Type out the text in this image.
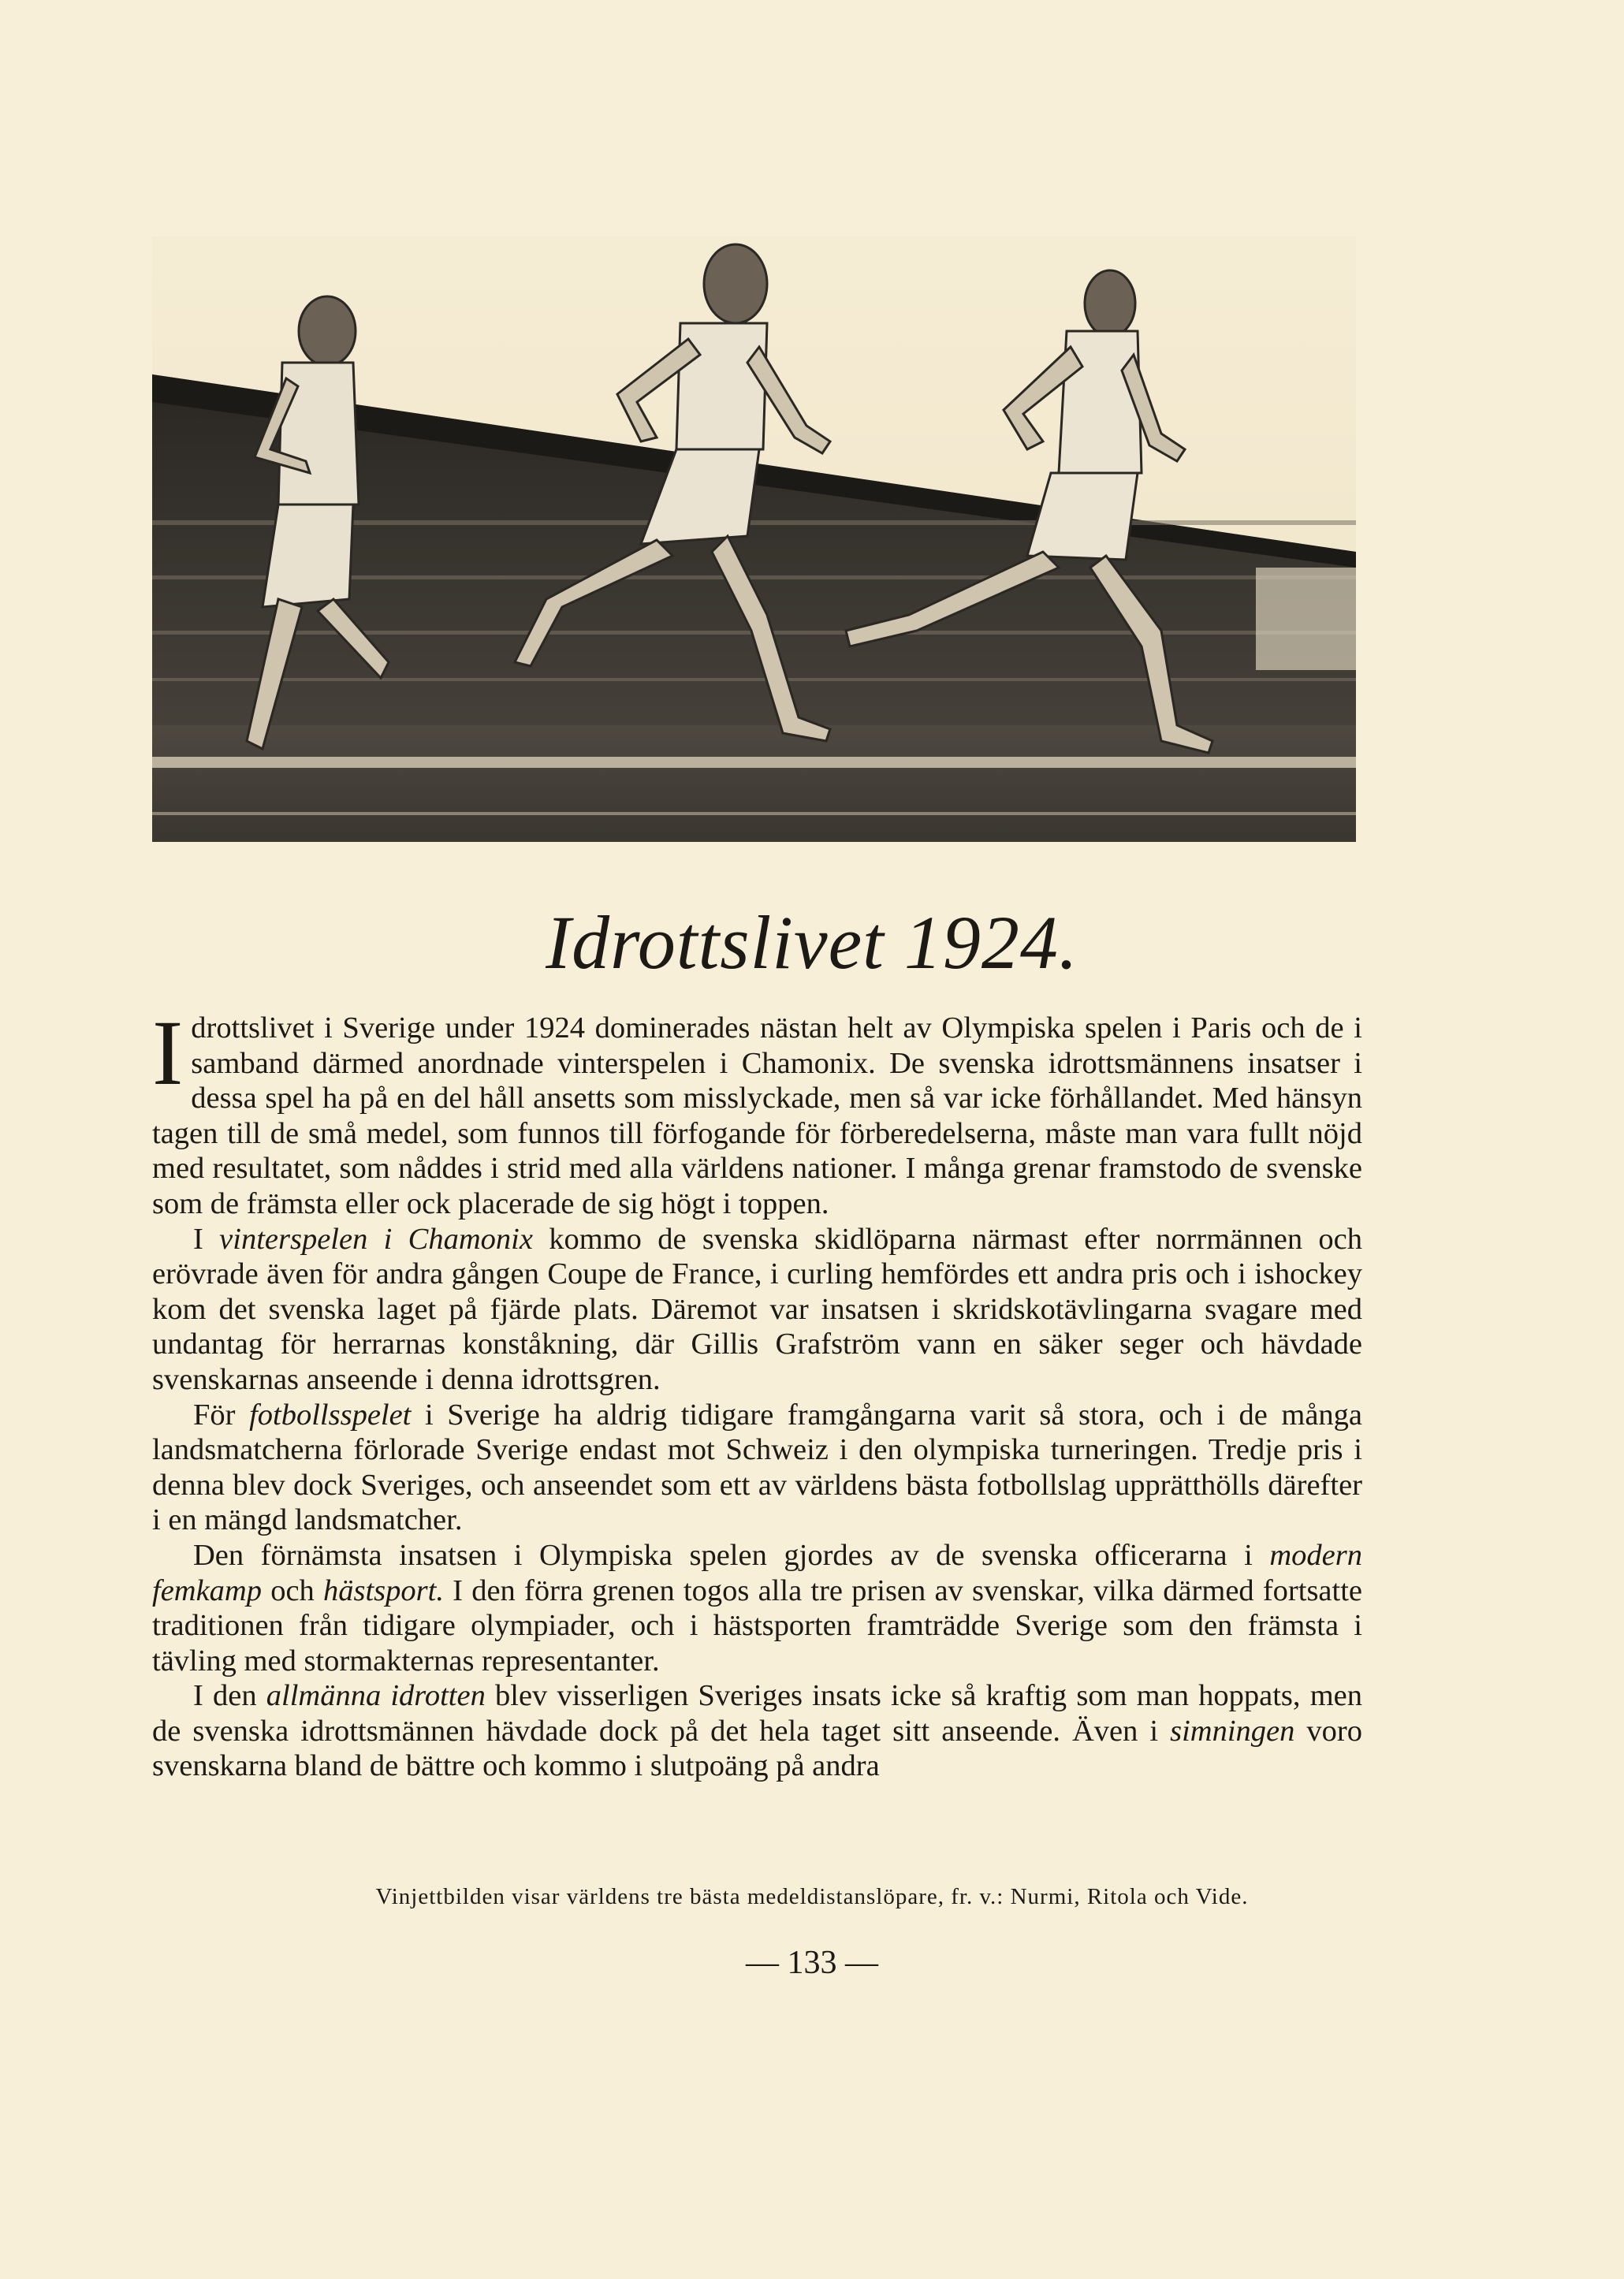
Idrottslivet 1924.

Idrottslivet i Sverige under 1924 dominerades nästan helt av Olympiska spelen i Paris och de i samband därmed anordnade vinterspelen i Chamonix. De svenska idrottsmännens insatser i dessa spel ha på en del håll ansetts som misslyckade, men så var icke förhållandet. Med hänsyn tagen till de små medel, som funnos till förfogande för förberedelserna, måste man vara fullt nöjd med resultatet, som nåddes i strid med alla världens nationer. I många grenar framstodo de svenske som de främsta eller ock placerade de sig högt i toppen.

I vinterspelen i Chamonix kommo de svenska skidlöparna närmast efter norrmännen och erövrade även för andra gången Coupe de France, i curling hemfördes ett andra pris och i ishockey kom det svenska laget på fjärde plats. Däremot var insatsen i skridskotävlingarna svagare med undantag för herrarnas konståkning, där Gillis Grafström vann en säker seger och hävdade svenskarnas anseende i denna idrottsgren.

För fotbollsspelet i Sverige ha aldrig tidigare framgångarna varit så stora, och i de många landsmatcherna förlorade Sverige endast mot Schweiz i den olympiska turneringen. Tredje pris i denna blev dock Sveriges, och anseendet som ett av världens bästa fotbollslag upprätthölls därefter i en mängd landsmatcher.

Den förnämsta insatsen i Olympiska spelen gjordes av de svenska officerarna i modern femkamp och hästsport. I den förra grenen togos alla tre prisen av svenskar, vilka därmed fortsatte traditionen från tidigare olympiader, och i hästsporten framträdde Sverige som den främsta i tävling med stormakternas representanter.

I den allmänna idrotten blev visserligen Sveriges insats icke så kraftig som man hoppats, men de svenska idrottsmännen hävdade dock på det hela taget sitt anseende. Även i simningen voro svenskarna bland de bättre och kommo i slutpoäng på andra

Vinjettbilden visar världens tre bästa medeldistanslöpare, fr. v.: Nurmi, Ritola och Vide.
— 133 —
